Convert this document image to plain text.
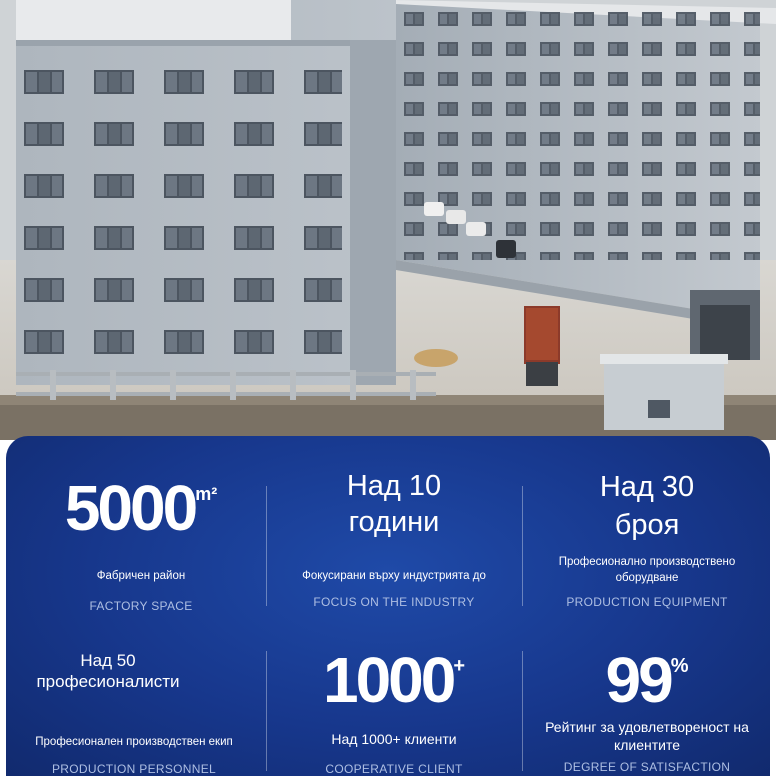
5000m²
Фабричен район
FACTORY SPACE
Над 10 години
Фокусирани върху индустрията до
FOCUS ON THE INDUSTRY
Над 30 броя
Професионално производствено оборудване
PRODUCTION EQUIPMENT
Над 50 професионалисти
Професионален производствен екип
PRODUCTION PERSONNEL
1000+
Над 1000+ клиенти
COOPERATIVE CLIENT
99%
Рейтинг за удовлетвореност на клиентите
DEGREE OF SATISFACTION
